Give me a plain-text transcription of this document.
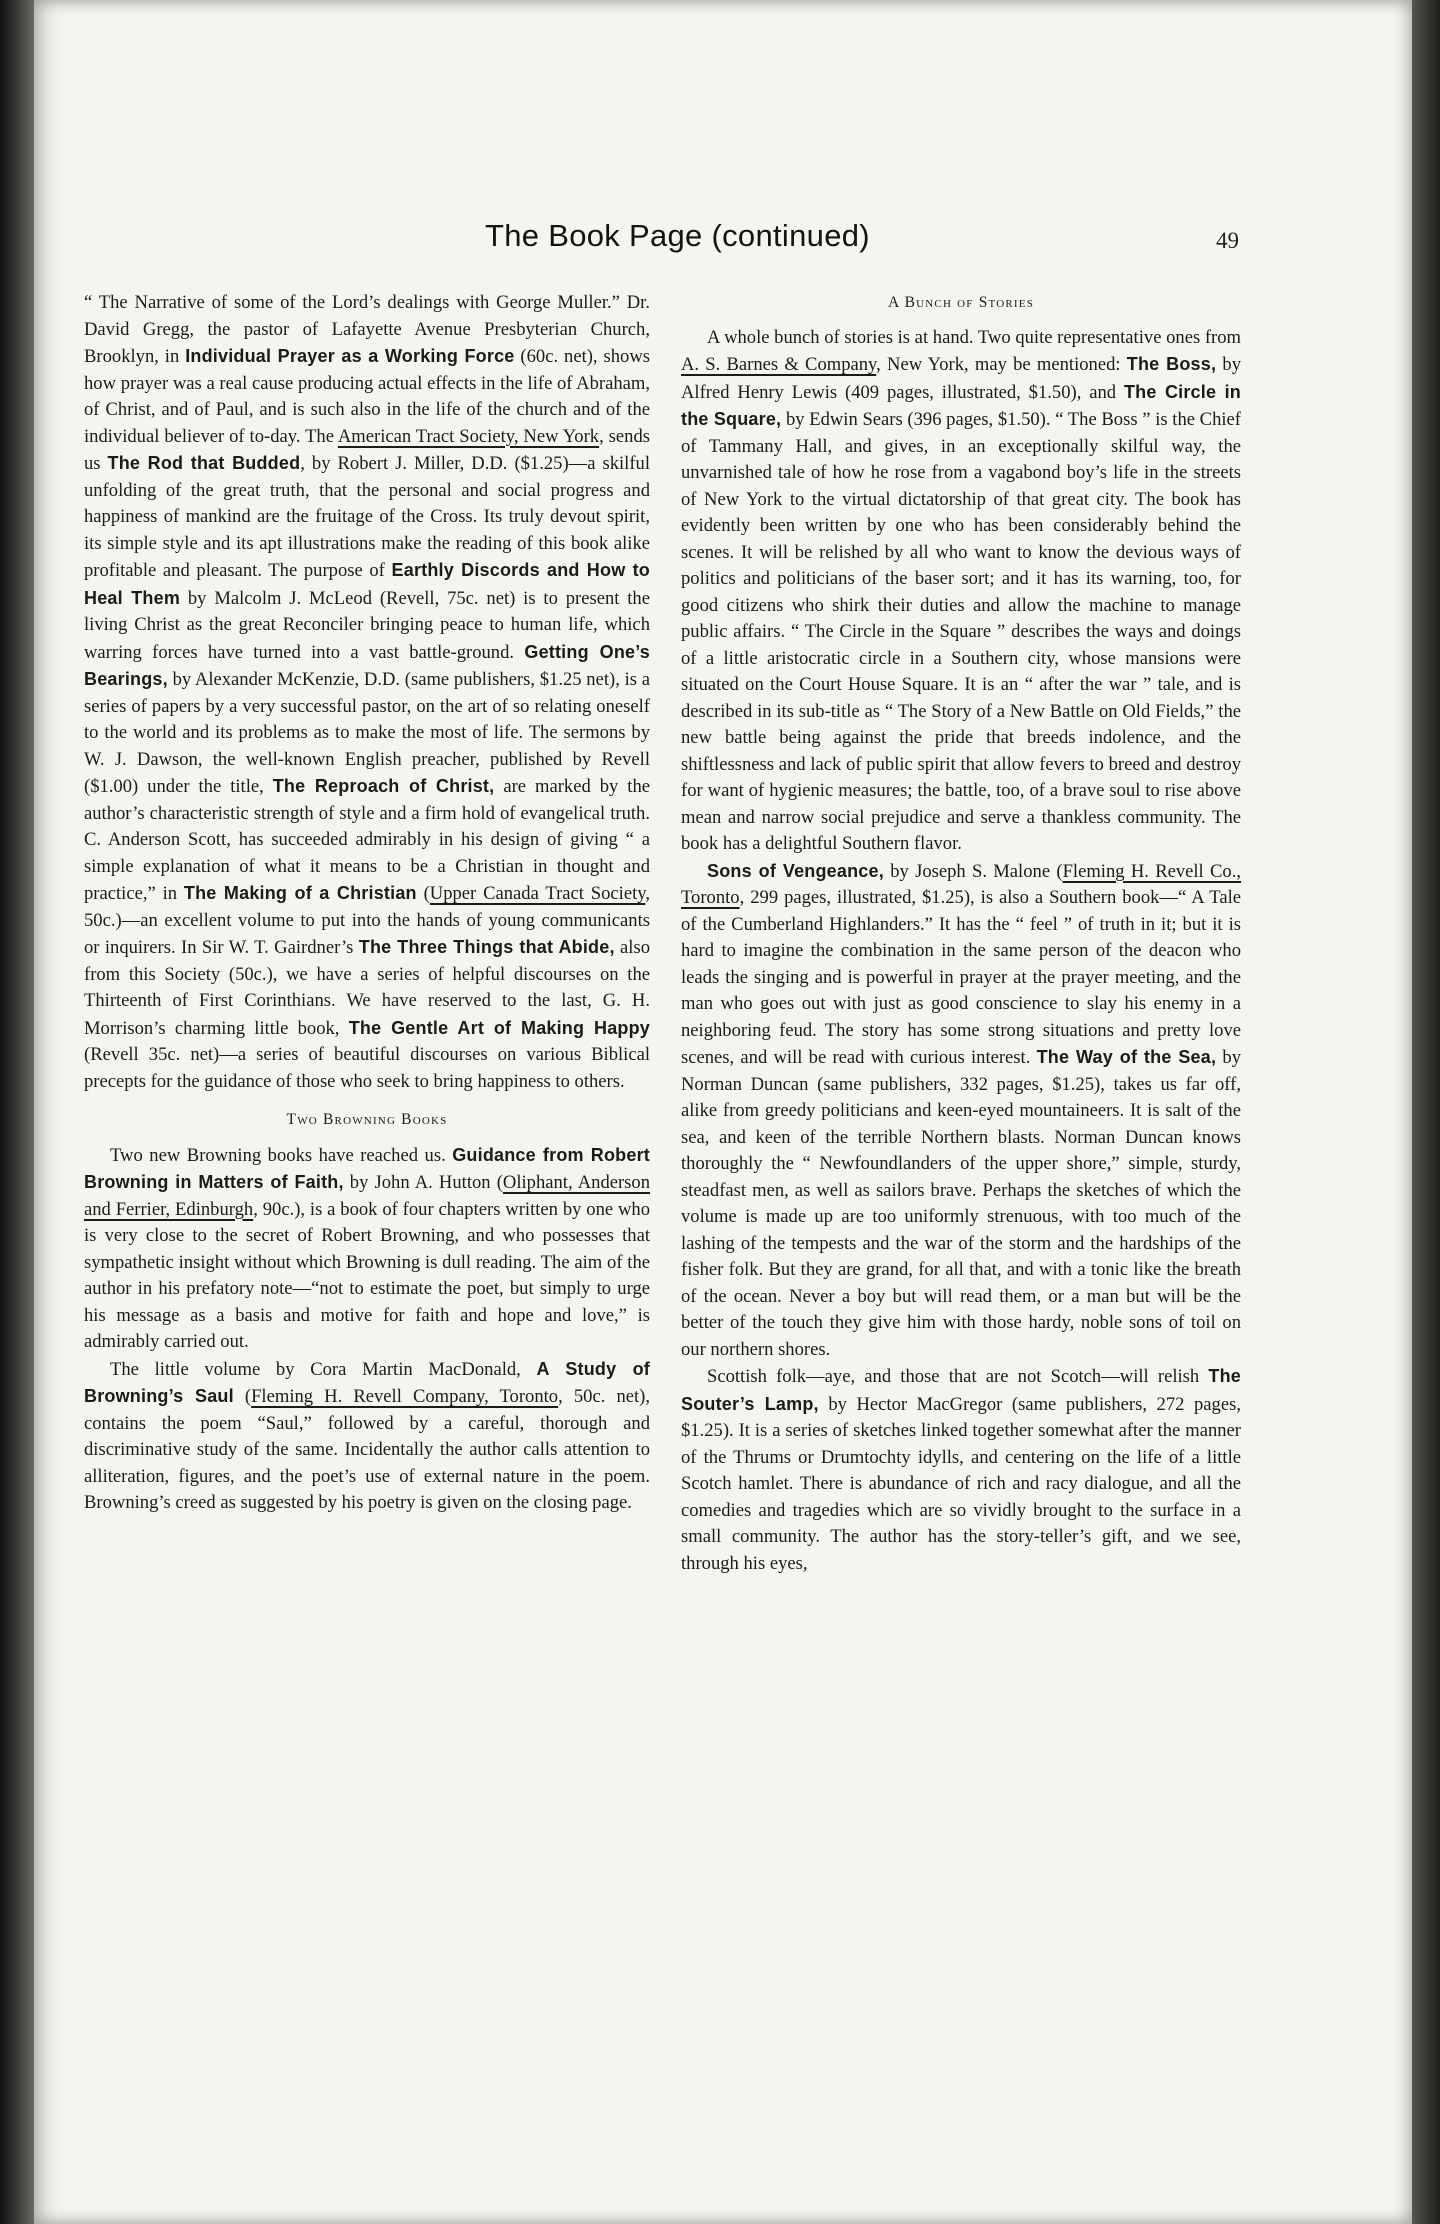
The Book Page (continued)	49

“ The Narrative of some of the Lord’s dealings with George Muller.” Dr. David Gregg, the pastor of Lafayette Avenue Presbyterian Church, Brooklyn, in Individual Prayer as a Working Force (60c. net), shows how prayer was a real cause producing actual effects in the life of Abraham, of Christ, and of Paul, and is such also in the life of the church and of the individual believer of to-day. The American Tract Society, New York, sends us The Rod that Budded, by Robert J. Miller, D.D. ($1.25)—a skilful unfolding of the great truth, that the personal and social progress and happiness of mankind are the fruitage of the Cross. Its truly devout spirit, its simple style and its apt illustrations make the reading of this book alike profitable and pleasant. The purpose of Earthly Discords and How to Heal Them by Malcolm J. McLeod (Revell, 75c. net) is to present the living Christ as the great Reconciler bringing peace to human life, which warring forces have turned into a vast battle-ground. Getting One’s Bearings, by Alexander McKenzie, D.D. (same publishers, $1.25 net), is a series of papers by a very successful pastor, on the art of so relating oneself to the world and its problems as to make the most of life. The sermons by W. J. Dawson, the well-known English preacher, published by Revell ($1.00) under the title, The Reproach of Christ, are marked by the author’s characteristic strength of style and a firm hold of evangelical truth. C. Anderson Scott, has succeeded admirably in his design of giving “ a simple explanation of what it means to be a Christian in thought and practice,” in The Making of a Christian (Upper Canada Tract Society, 50c.)—an excellent volume to put into the hands of young communicants or inquirers. In Sir W. T. Gairdner’s The Three Things that Abide, also from this Society (50c.), we have a series of helpful discourses on the Thirteenth of First Corinthians. We have reserved to the last, G. H. Morrison’s charming little book, The Gentle Art of Making Happy (Revell 35c. net)—a series of beautiful discourses on various Biblical precepts for the guidance of those who seek to bring happiness to others.

Two Browning Books

Two new Browning books have reached us. Guidance from Robert Browning in Matters of Faith, by John A. Hutton (Oliphant, Anderson and Ferrier, Edinburgh, 90c.), is a book of four chapters written by one who is very close to the secret of Robert Browning, and who possesses that sympathetic insight without which Browning is dull reading. The aim of the author in his prefatory note—“not to estimate the poet, but simply to urge his message as a basis and motive for faith and hope and love,” is admirably carried out.

The little volume by Cora Martin MacDonald, A Study of Browning’s Saul (Fleming H. Revell Company, Toronto, 50c. net), contains the poem “Saul,” followed by a careful, thorough and discriminative study of the same. Incidentally the author calls attention to alliteration, figures, and the poet’s use of external nature in the poem. Browning’s creed as suggested by his poetry is given on the closing page.

A Bunch of Stories

A whole bunch of stories is at hand. Two quite representative ones from A. S. Barnes & Company, New York, may be mentioned: The Boss, by Alfred Henry Lewis (409 pages, illustrated, $1.50), and The Circle in the Square, by Edwin Sears (396 pages, $1.50). “ The Boss ” is the Chief of Tammany Hall, and gives, in an exceptionally skilful way, the unvarnished tale of how he rose from a vagabond boy’s life in the streets of New York to the virtual dictatorship of that great city. The book has evidently been written by one who has been considerably behind the scenes. It will be relished by all who want to know the devious ways of politics and politicians of the baser sort; and it has its warning, too, for good citizens who shirk their duties and allow the machine to manage public affairs. “ The Circle in the Square ” describes the ways and doings of a little aristocratic circle in a Southern city, whose mansions were situated on the Court House Square. It is an “ after the war ” tale, and is described in its sub-title as “ The Story of a New Battle on Old Fields,” the new battle being against the pride that breeds indolence, and the shiftlessness and lack of public spirit that allow fevers to breed and destroy for want of hygienic measures; the battle, too, of a brave soul to rise above mean and narrow social prejudice and serve a thankless community. The book has a delightful Southern flavor.

Sons of Vengeance, by Joseph S. Malone (Fleming H. Revell Co., Toronto, 299 pages, illustrated, $1.25), is also a Southern book—“ A Tale of the Cumberland Highlanders.” It has the “ feel ” of truth in it; but it is hard to imagine the combination in the same person of the deacon who leads the singing and is powerful in prayer at the prayer meeting, and the man who goes out with just as good conscience to slay his enemy in a neighboring feud. The story has some strong situations and pretty love scenes, and will be read with curious interest. The Way of the Sea, by Norman Duncan (same publishers, 332 pages, $1.25), takes us far off, alike from greedy politicians and keen-eyed mountaineers. It is salt of the sea, and keen of the terrible Northern blasts. Norman Duncan knows thoroughly the “ Newfoundlanders of the upper shore,” simple, sturdy, steadfast men, as well as sailors brave. Perhaps the sketches of which the volume is made up are too uniformly strenuous, with too much of the lashing of the tempests and the war of the storm and the hardships of the fisher folk. But they are grand, for all that, and with a tonic like the breath of the ocean. Never a boy but will read them, or a man but will be the better of the touch they give him with those hardy, noble sons of toil on our northern shores.

Scottish folk—aye, and those that are not Scotch—will relish The Souter’s Lamp, by Hector MacGregor (same publishers, 272 pages, $1.25). It is a series of sketches linked together somewhat after the manner of the Thrums or Drumtochty idylls, and centering on the life of a little Scotch hamlet. There is abundance of rich and racy dialogue, and all the comedies and tragedies which are so vividly brought to the surface in a small community. The author has the story-teller’s gift, and we see, through his eyes,
